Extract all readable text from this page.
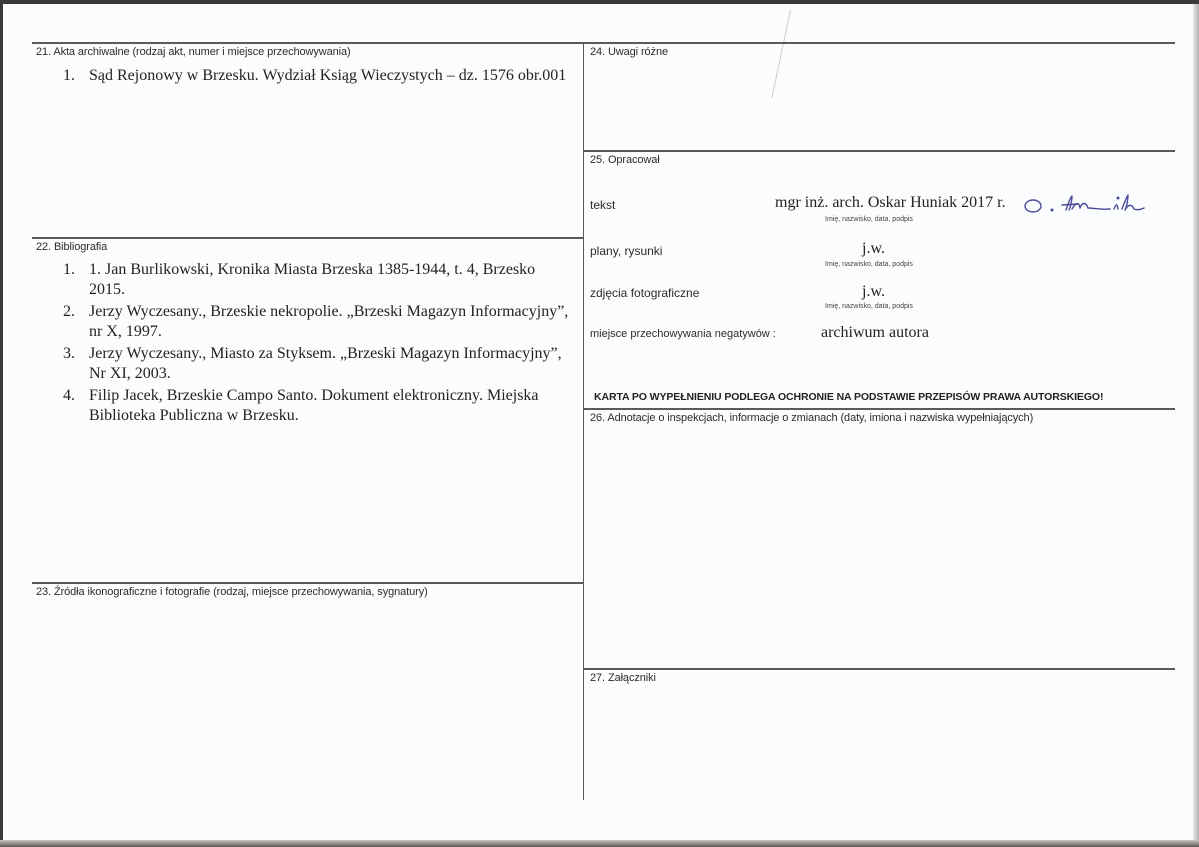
21. Akta archiwalne (rodzaj akt, numer i miejsce przechowywania)
1. Sąd Rejonowy w Brzesku. Wydział Ksiąg Wieczystych – dz. 1576 obr.001
22. Bibliografia
1. 1. Jan Burlikowski, Kronika Miasta Brzeska 1385-1944, t. 4, Brzesko 2015.
2. Jerzy Wyczesany., Brzeskie nekropolie. „Brzeski Magazyn Informacyjny”, nr X, 1997.
3. Jerzy Wyczesany., Miasto za Styksem. „Brzeski Magazyn Informacyjny”, Nr XI, 2003.
4. Filip Jacek, Brzeskie Campo Santo. Dokument elektroniczny. Miejska Biblioteka Publiczna w Brzesku.
23. Źródła ikonograficzne i fotografie (rodzaj, miejsce przechowywania, sygnatury)
24. Uwagi różne
25. Opracował
tekst	mgr inż. arch. Oskar Huniak 2017 r.
Imię, nazwisko, data, podpis
plany, rysunki	j.w.
Imię, nazwisko, data, podpis
zdjęcia fotograficzne	j.w.
Imię, nazwisko, data, podpis
miejsce przechowywania negatywów :	archiwum autora
KARTA PO WYPEŁNIENIU PODLEGA OCHRONIE NA PODSTAWIE PRZEPISÓW PRAWA AUTORSKIEGO!
26. Adnotacje o inspekcjach, informacje o zmianach (daty, imiona i nazwiska wypełniających)
27. Załączniki
